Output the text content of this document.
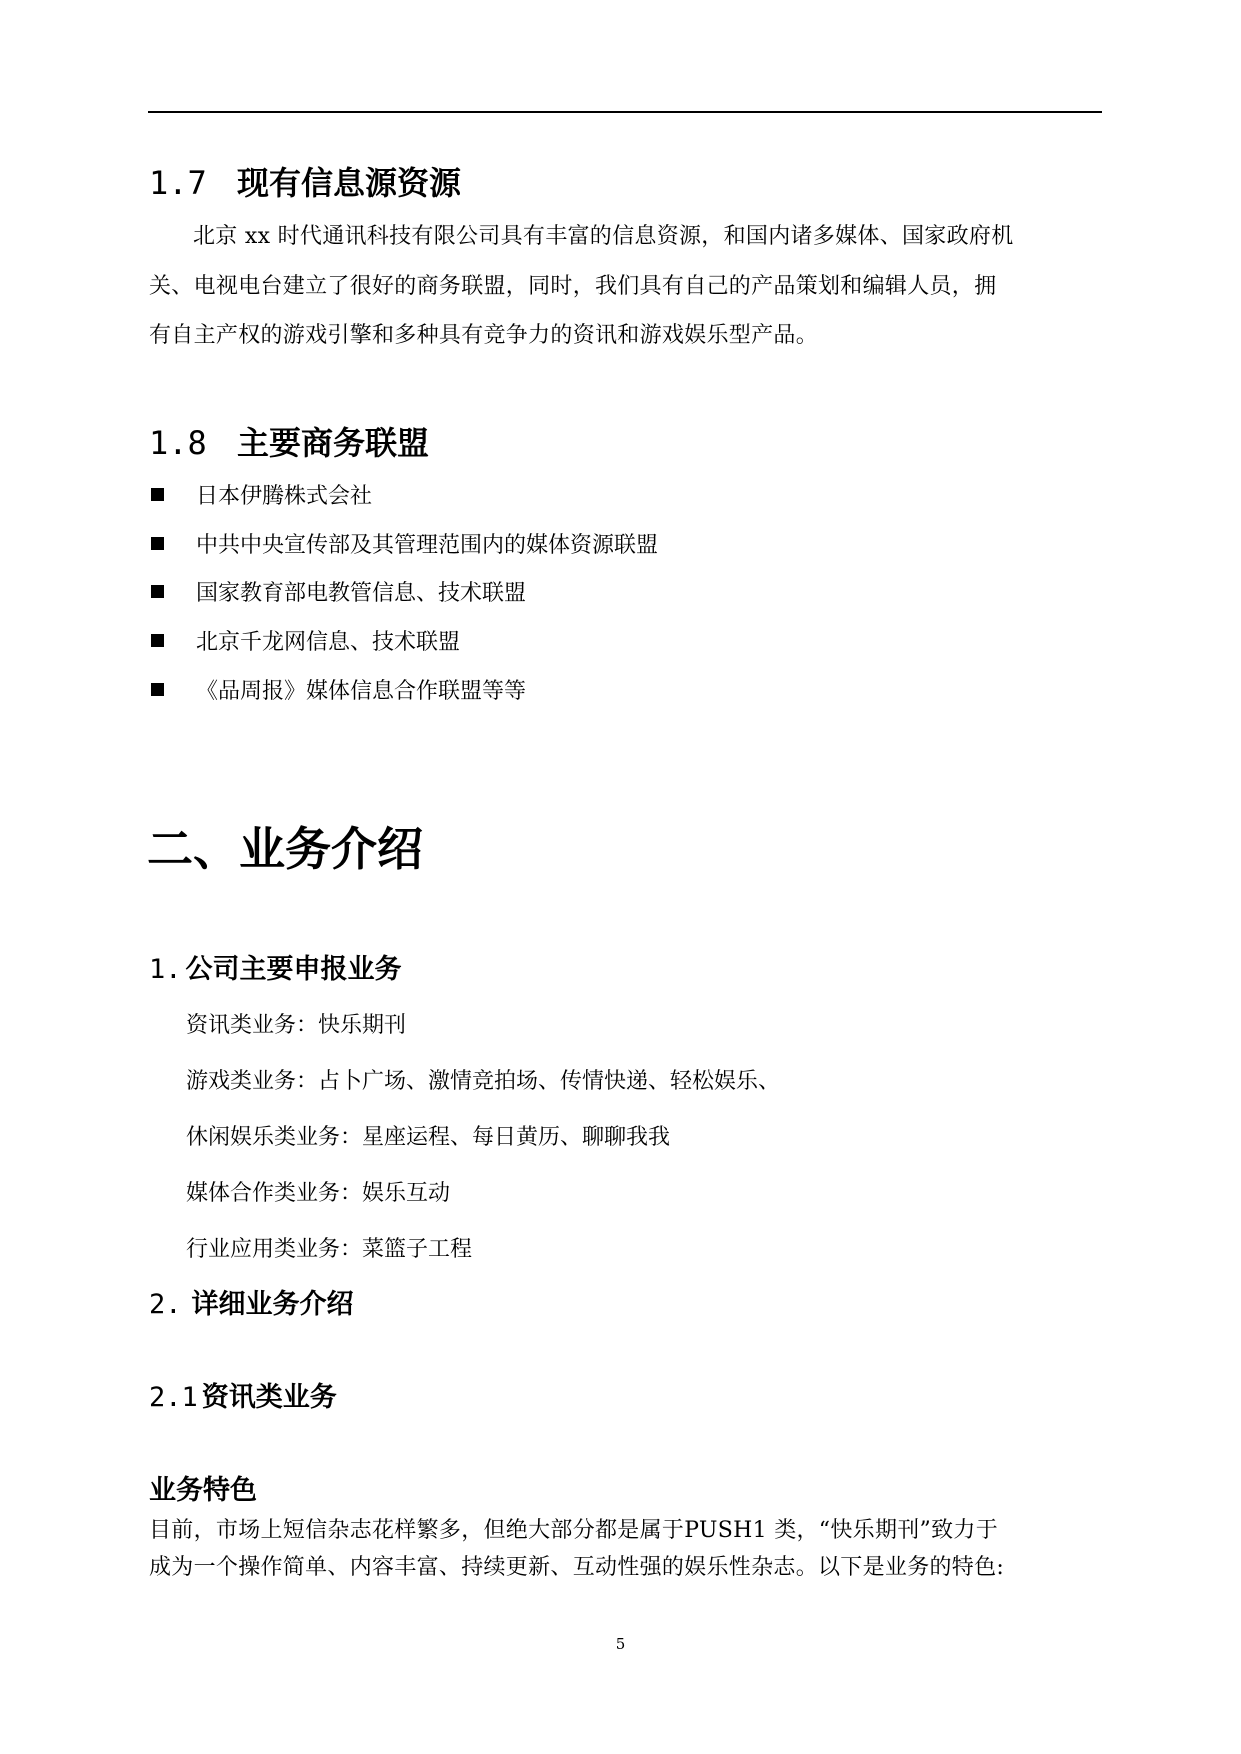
1.7 现有信息源资源
北京 xx 时代通讯科技有限公司具有丰富的信息资源，和国内诸多媒体、国家政府机
关、电视电台建立了很好的商务联盟，同时，我们具有自己的产品策划和编辑人员，拥
有自主产权的游戏引擎和多种具有竞争力的资讯和游戏娱乐型产品。
1.8 主要商务联盟
日本伊腾株式会社
中共中央宣传部及其管理范围内的媒体资源联盟
国家教育部电教管信息、技术联盟
北京千龙网信息、技术联盟
《品周报》媒体信息合作联盟等等
二、业务介绍
1. 公司主要申报业务
资讯类业务：快乐期刊
游戏类业务：占卜广场、激情竞拍场、传情快递、轻松娱乐、
休闲娱乐类业务：星座运程、每日黄历、聊聊我我
媒体合作类业务：娱乐互动
行业应用类业务：菜篮子工程
2. 详细业务介绍
2.1 资讯类业务
业务特色
目前，市场上短信杂志花样繁多，但绝大部分都是属于PUSH1 类，“快乐期刊”致力于
成为一个操作简单、内容丰富、持续更新、互动性强的娱乐性杂志。以下是业务的特色:
5
